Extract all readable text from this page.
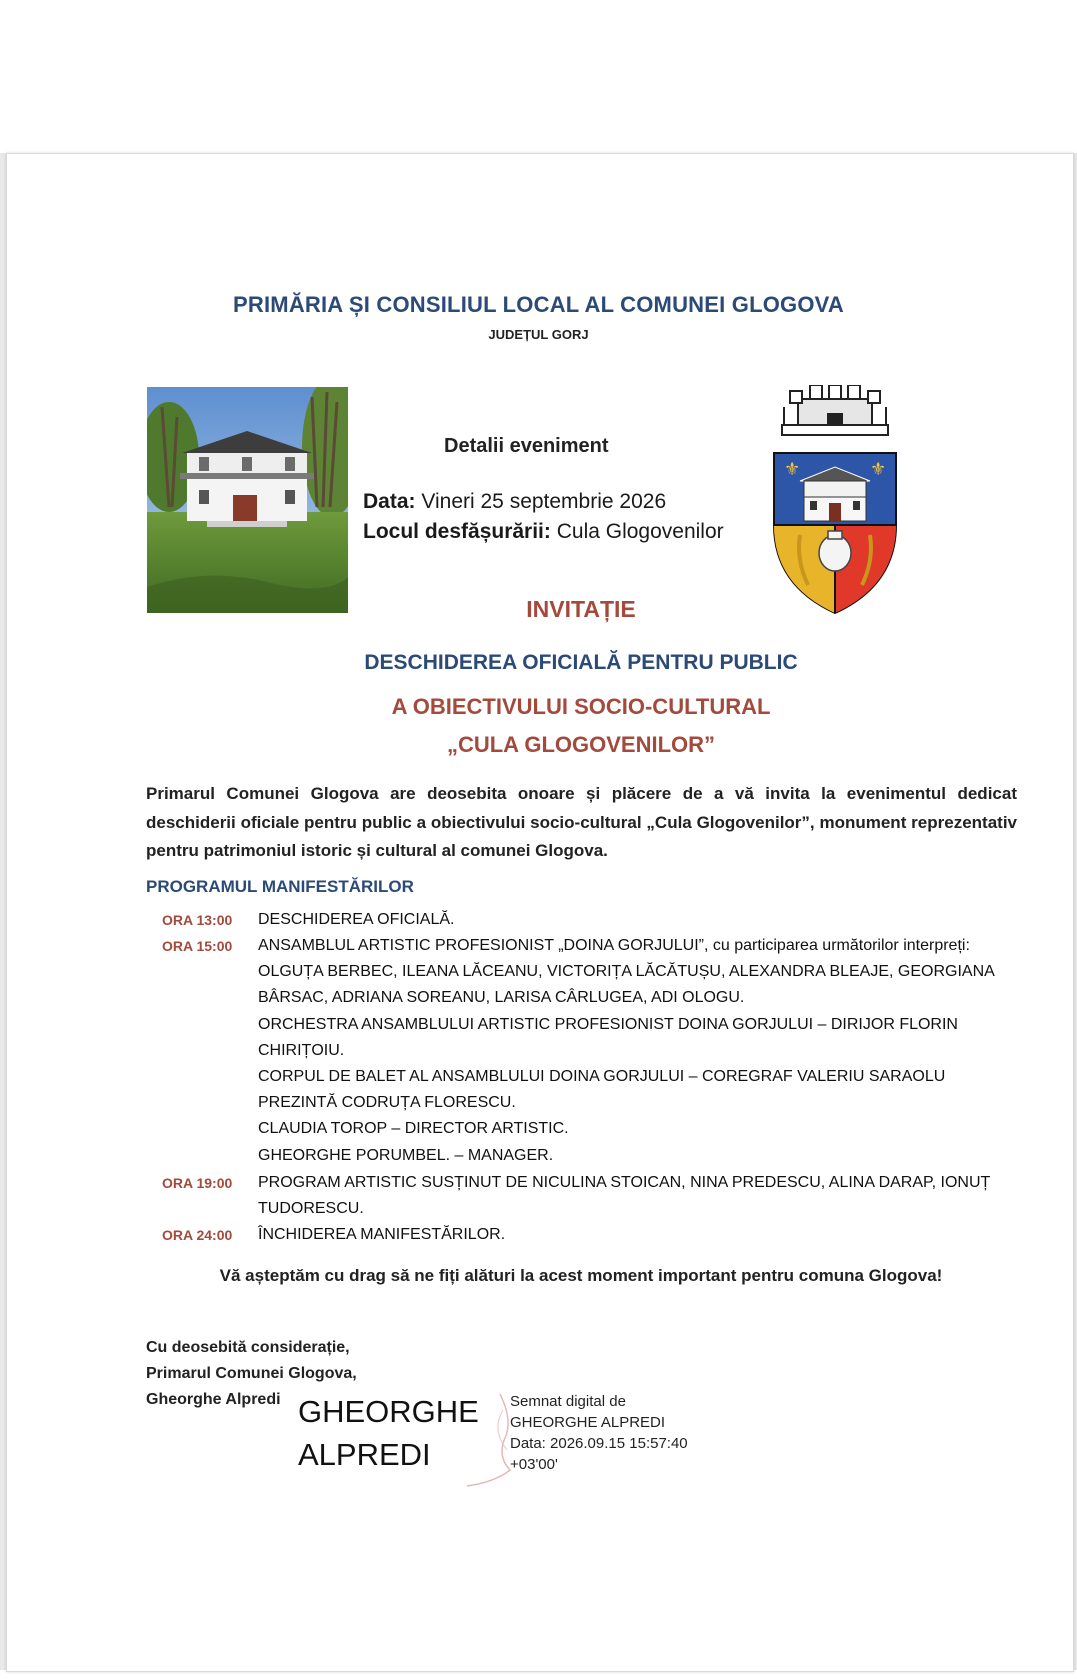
PRIMĂRIA ȘI CONSILIUL LOCAL AL COMUNEI GLOGOVA
JUDEȚUL GORJ
⚜	⚜
Detalii eveniment
Data: Vineri 25 septembrie 2026
Locul desfășurării: Cula Glogovenilor
INVITAȚIE
DESCHIDEREA OFICIALĂ PENTRU PUBLIC
A OBIECTIVULUI SOCIO-CULTURAL
„CULA GLOGOVENILOR”
Primarul Comunei Glogova are deosebita onoare și plăcere de a vă invita la evenimentul dedicat deschiderii oficiale pentru public a obiectivului socio-cultural „Cula Glogovenilor”, monument reprezentativ pentru patrimoniul istoric și cultural al comunei Glogova.
PROGRAMUL MANIFESTĂRILOR
ORA 13:00
ORA 15:00
ORA 19:00
ORA 24:00
DESCHIDEREA OFICIALĂ.
ANSAMBLUL ARTISTIC PROFESIONIST „DOINA GORJULUI”, cu participarea următorilor interpreți:
OLGUȚA BERBEC, ILEANA LĂCEANU, VICTORIȚA LĂCĂTUȘU, ALEXANDRA BLEAJE, GEORGIANA
BÂRSAC, ADRIANA SOREANU, LARISA CÂRLUGEA, ADI OLOGU.
ORCHESTRA ANSAMBLULUI ARTISTIC PROFESIONIST DOINA GORJULUI – DIRIJOR FLORIN
CHIRIȚOIU.
CORPUL DE BALET AL ANSAMBLULUI DOINA GORJULUI – COREGRAF VALERIU SARAOLU
PREZINTĂ CODRUȚA FLORESCU.
CLAUDIA TOROP – DIRECTOR ARTISTIC.
GHEORGHE PORUMBEL. – MANAGER.
PROGRAM ARTISTIC SUSȚINUT DE NICULINA STOICAN, NINA PREDESCU, ALINA DARAP, IONUȚ
TUDORESCU.
ÎNCHIDEREA MANIFESTĂRILOR.
Vă așteptăm cu drag să ne fiți alături la acest moment important pentru comuna Glogova!
Cu deosebită considerație,
Primarul Comunei Glogova,
Gheorghe Alpredi GHEORGHE
ALPREDI
Semnat digital de
GHEORGHE ALPREDI
Data: 2026.09.15 15:57:40
+03'00'
